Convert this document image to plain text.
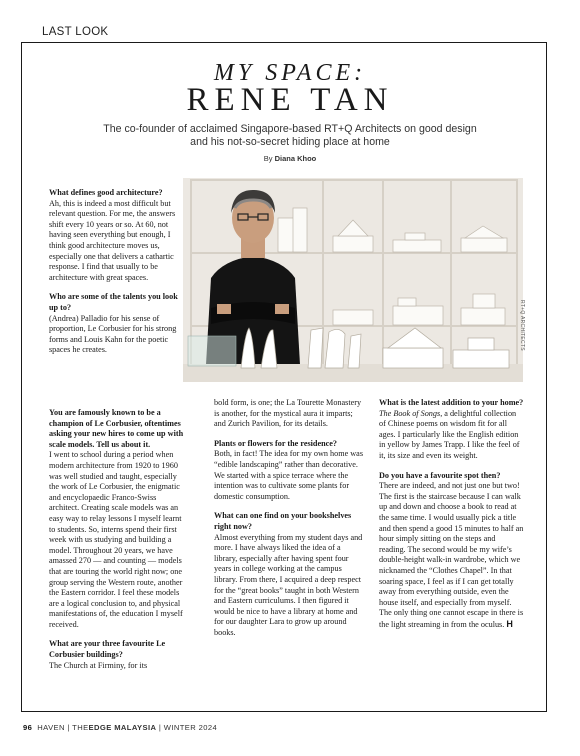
LAST LOOK
MY SPACE:
RENE TAN
The co-founder of acclaimed Singapore-based RT+Q Architects on good design and his not-so-secret hiding place at home
By Diana Khoo
RT+Q ARCHITECTS

What defines good architecture?
Ah, this is indeed a most difficult but relevant question. For me, the answers shift every 10 years or so. At 60, not having seen everything but enough, I think good architecture moves us, especially one that delivers a cathartic response. I find that usually to be architecture with great spaces.

Who are some of the talents you look up to?
(Andrea) Palladio for his sense of proportion, Le Corbusier for his strong forms and Louis Kahn for the poetic spaces he creates.

You are famously known to be a champion of Le Corbusier, oftentimes asking your new hires to come up with scale models. Tell us about it.
I went to school during a period when modern architecture from 1920 to 1960 was well studied and taught, especially the work of Le Corbusier, the enigmatic and encyclopaedic Franco-Swiss architect. Creating scale models was an easy way to relay lessons I myself learnt to students. So, interns spend their first week with us studying and building a model. Throughout 20 years, we have amassed 270 — and counting — models that are touring the world right now; one group serving the Western route, another the Eastern corridor. I feel these models are a logical conclusion to, and physical manifestations of, the education I myself received.

What are your three favourite Le Corbusier buildings?
The Church at Firminy, for its

bold form, is one; the La Tourette Monastery is another, for the mystical aura it imparts; and Zurich Pavilion, for its details.

Plants or flowers for the residence?
Both, in fact! The idea for my own home was “edible landscaping” rather than decorative. We started with a spice terrace where the intention was to cultivate some plants for domestic consumption.

What can one find on your bookshelves right now?
Almost everything from my student days and more. I have always liked the idea of a library, especially after having spent four years in college working at the campus library. From there, I acquired a deep respect for the “great books” taught in both Western and Eastern curriculums. I then figured it would be nice to have a library at home and for our daughter Lara to grow up around books.

What is the latest addition to your home?
The Book of Songs, a delightful collection of Chinese poems on wisdom fit for all ages. I particularly like the English edition in yellow by James Trapp. I like the feel of it, its size and even its weight.

Do you have a favourite spot then?
There are indeed, and not just one but two! The first is the staircase because I can walk up and down and choose a book to read at the same time. I would usually pick a title and then spend a good 15 minutes to half an hour simply sitting on the steps and reading. The second would be my wife’s double-height walk-in wardrobe, which we nicknamed the “Clothes Chapel”. In that soaring space, I feel as if I can get totally away from everything outside, even the house itself, and especially from myself. The only thing one cannot escape in there is the light streaming in from the oculus. H

96 HAVEN | THEEDGE MALAYSIA | WINTER 2024
